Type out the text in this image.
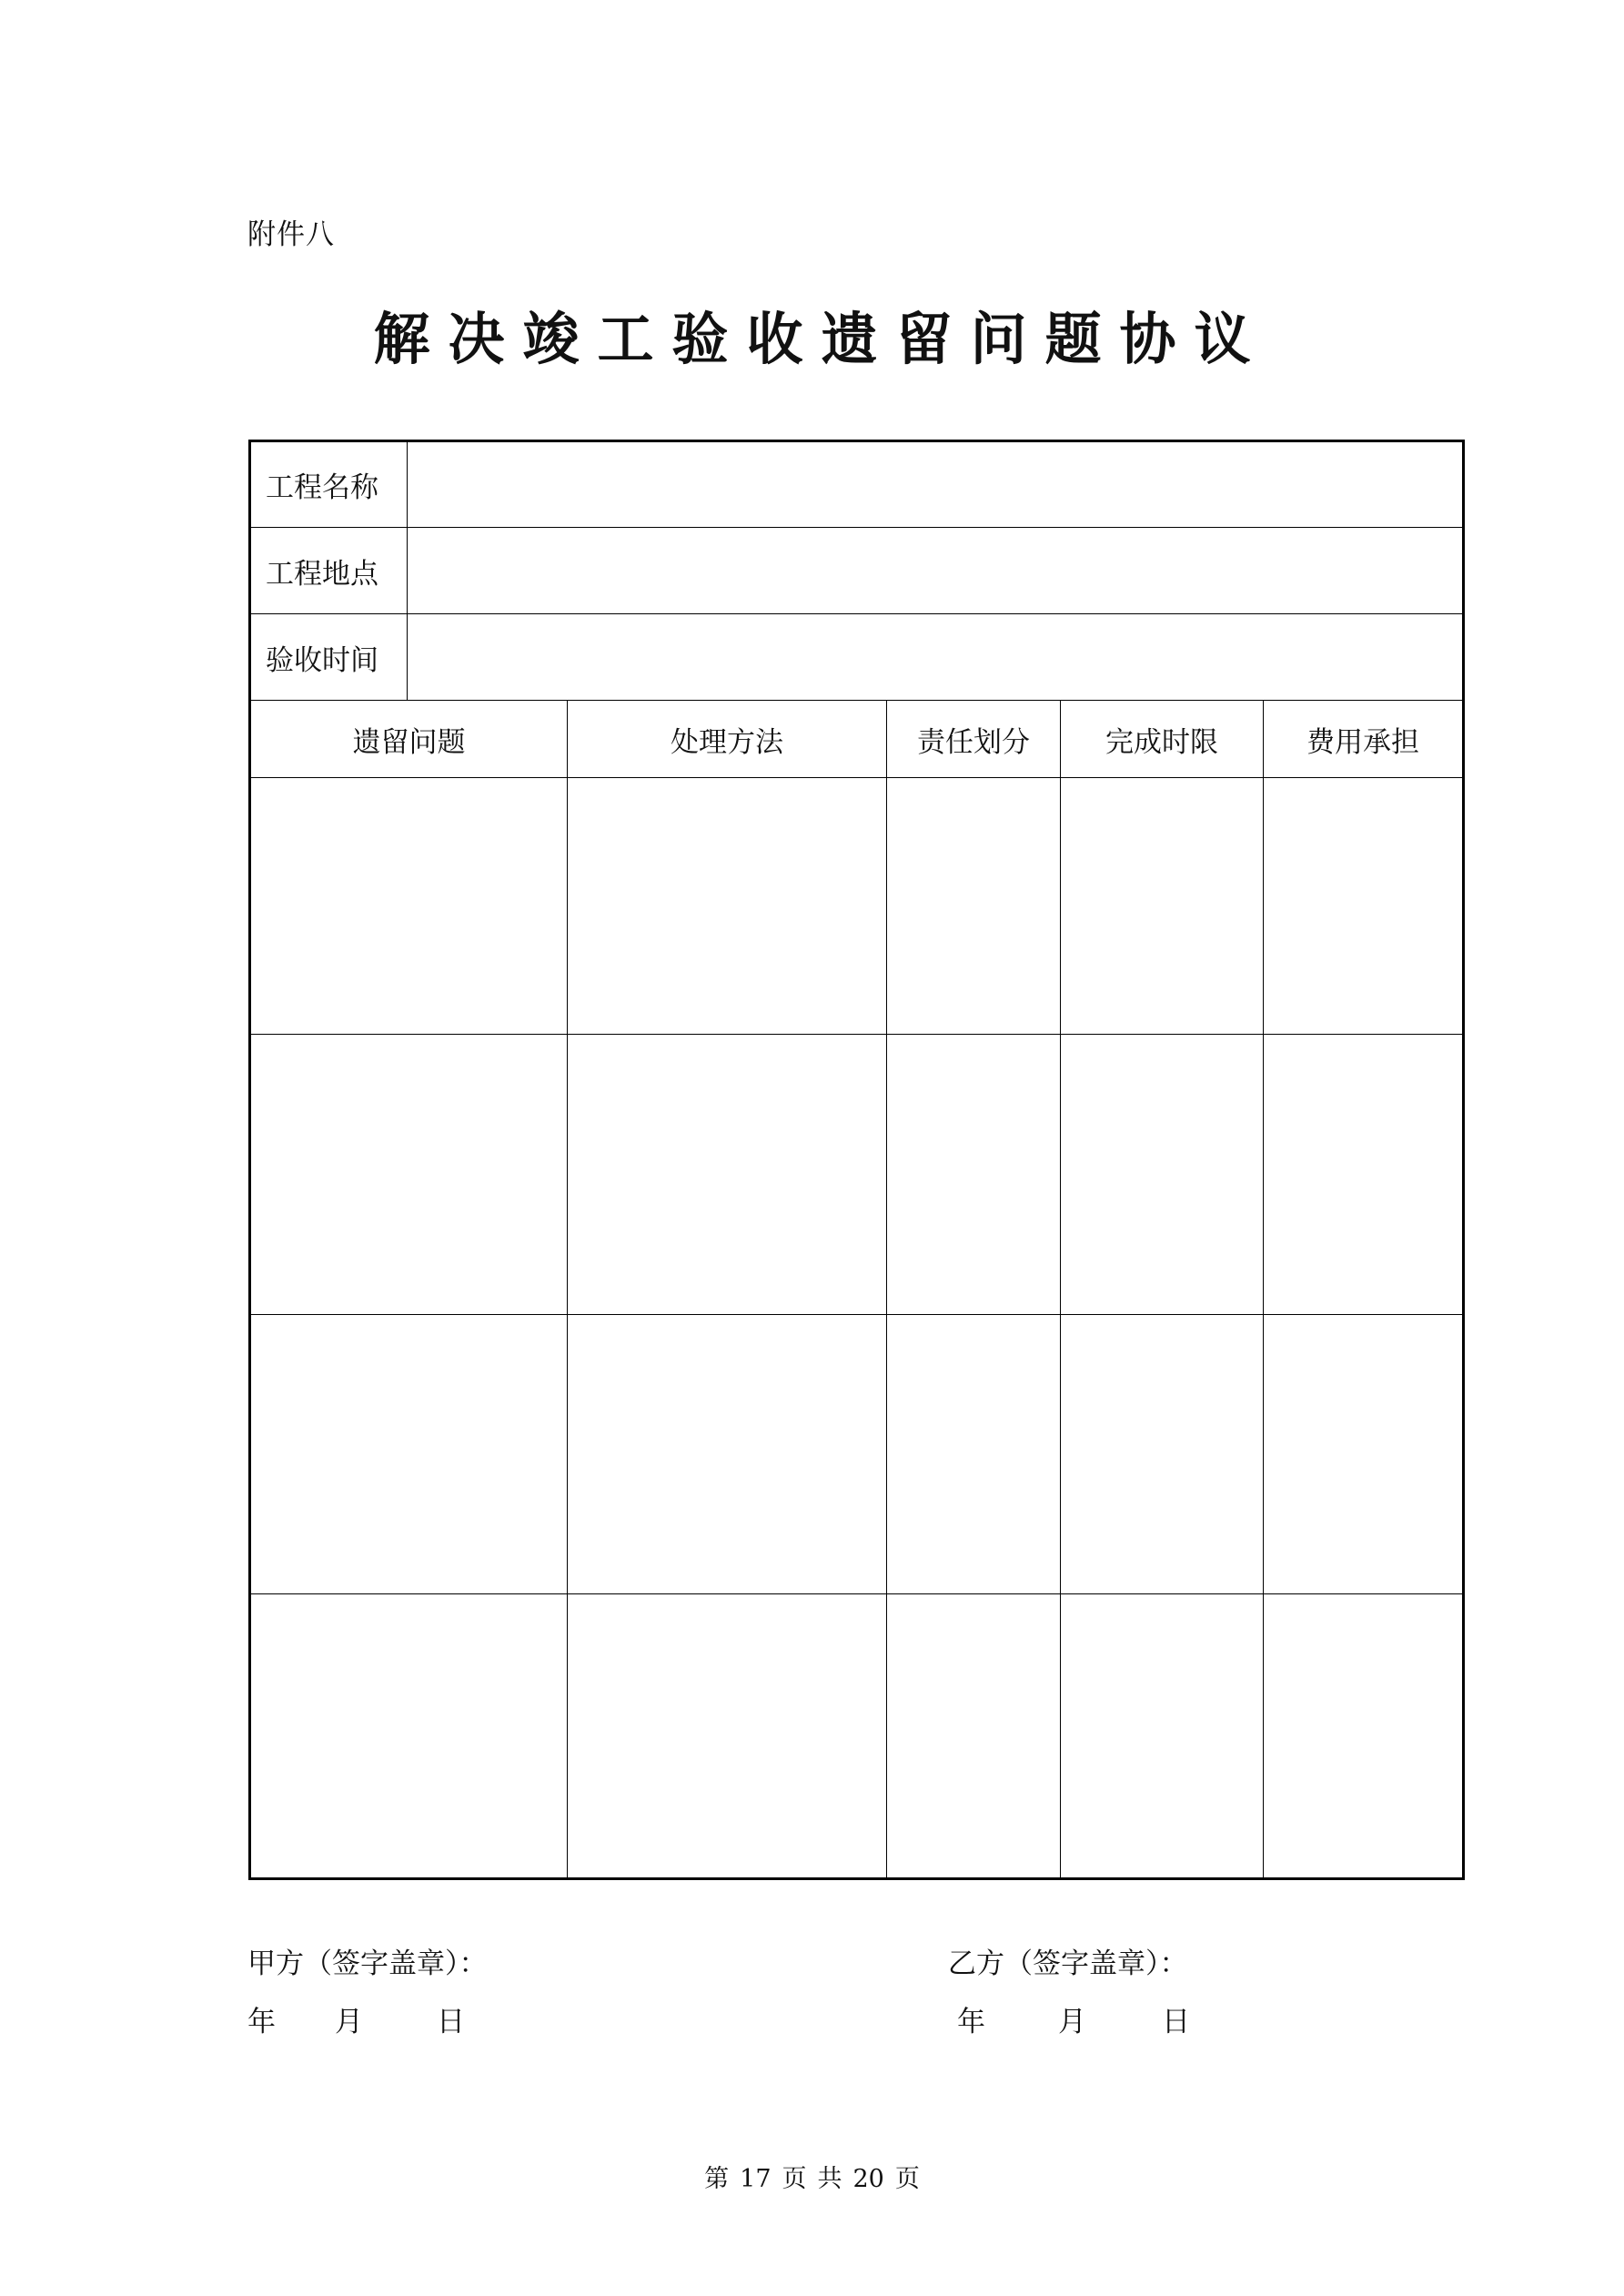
附件八
解决竣工验收遗留问题协议
工程名称
工程地点
验收时间
遗留问题	处理方法	责任划分	完成时限	费用承担
甲方（签字盖章）：	乙方（签字盖章）：
年 月	日	年	月	日
第 17 页 共 20 页
